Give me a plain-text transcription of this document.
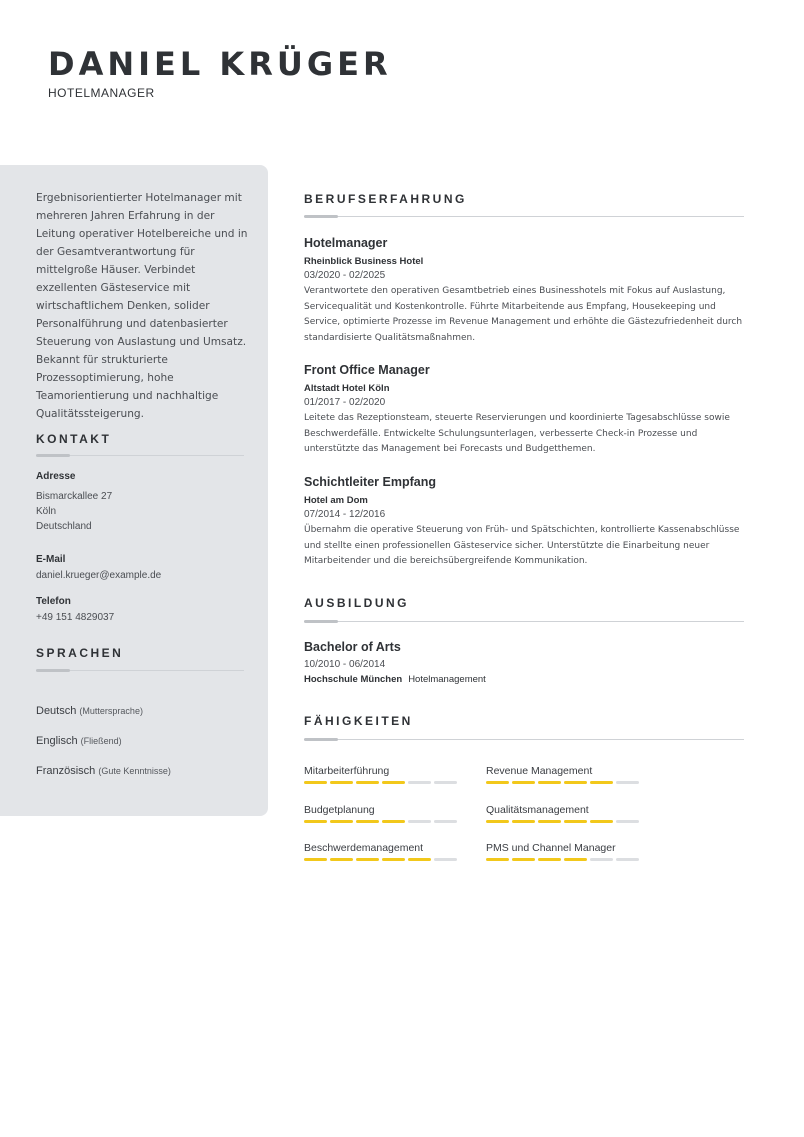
DANIEL KRÜGER
HOTELMANAGER
Ergebnisorientierter Hotelmanager mit mehreren Jahren Erfahrung in der Leitung operativer Hotelbereiche und in der Gesamtverantwortung für mittelgroße Häuser. Verbindet exzellenten Gästeservice mit wirtschaftlichem Denken, solider Personalführung und datenbasierter Steuerung von Auslastung und Umsatz. Bekannt für strukturierte Prozessoptimierung, hohe Teamorientierung und nachhaltige Qualitätssteigerung.
KONTAKT
Adresse
Bismarckallee 27
Köln
Deutschland
E-Mail
daniel.krueger@example.de
Telefon
+49 151 4829037
SPRACHEN
Deutsch (Muttersprache)
Englisch (Fließend)
Französisch (Gute Kenntnisse)
BERUFSERFAHRUNG
Hotelmanager
Rheinblick Business Hotel
03/2020 - 02/2025
Verantwortete den operativen Gesamtbetrieb eines Businesshotels mit Fokus auf Auslastung, Servicequalität und Kostenkontrolle. Führte Mitarbeitende aus Empfang, Housekeeping und Service, optimierte Prozesse im Revenue Management und erhöhte die Gästezufriedenheit durch standardisierte Qualitätsmaßnahmen.
Front Office Manager
Altstadt Hotel Köln
01/2017 - 02/2020
Leitete das Rezeptionsteam, steuerte Reservierungen und koordinierte Tagesabschlüsse sowie Beschwerdefälle. Entwickelte Schulungsunterlagen, verbesserte Check-in Prozesse und unterstützte das Management bei Forecasts und Budgetthemen.
Schichtleiter Empfang
Hotel am Dom
07/2014 - 12/2016
Übernahm die operative Steuerung von Früh- und Spätschichten, kontrollierte Kassenabschlüsse und stellte einen professionellen Gästeservice sicher. Unterstützte die Einarbeitung neuer Mitarbeitender und die bereichsübergreifende Kommunikation.
AUSBILDUNG
Bachelor of Arts
10/2010 - 06/2014
Hochschule München Hotelmanagement
FÄHIGKEITEN
Mitarbeiterführung	Revenue Management
Budgetplanung	Qualitätsmanagement
Beschwerdemanagement	PMS und Channel Manager
